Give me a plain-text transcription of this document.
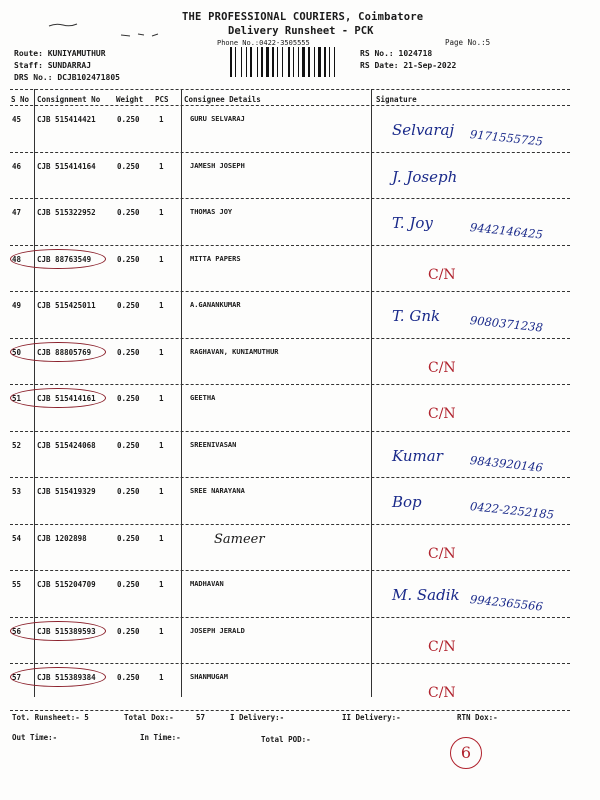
THE PROFESSIONAL COURIERS, Coimbatore
Delivery Runsheet - PCK
Phone No.:0422-3505555	Page No.:5
Route: KUNIYAMUTHUR
Staff: SUNDARRAJ
DRS No.: DCJB102471805
RS No.: 1024718
RS Date: 21-Sep-2022
S No Consignment No Weight PCS Consignee Details	Signature
45 CJB 515414421	0.250	1	GURU SELVARAJ
Selvaraj 9171555725
46 CJB 515414164	0.250	1	JAMESH JOSEPH
J. Joseph
47 CJB 515322952	0.250	1	THOMAS JOY
T. Joy	9442146425
48 CJB 88763549	0.250	1	MITTA PAPERS
C/N
49 CJB 515425011	0.250	1	A.GANANKUMAR
T. Gnk	9080371238
50 CJB 88805769	0.250	1	RAGHAVAN, KUNIAMUTHUR
C/N
51 CJB 515414161	0.250	1	GEETHA
C/N
52 CJB 515424068	0.250	1	SREENIVASAN
Kumar 9843920146
53 CJB 515419329	0.250	1	SREE NARAYANA
Bop	0422-2252185
54 CJB 1202898	0.250	1	Sameer
C/N
55 CJB 515204709	0.250	1	MADHAVAN
M. Sadik 9942365566
56 CJB 515389593	0.250	1	JOSEPH JERALD
C/N
57 CJB 515389384	0.250	1	SHANMUGAM
C/N
Tot. Runsheet:- 5	Total Dox:-	57	I Delivery:-	II Delivery:-	RTN Dox:-
Out Time:-	In Time:-	Total POD:-
6
